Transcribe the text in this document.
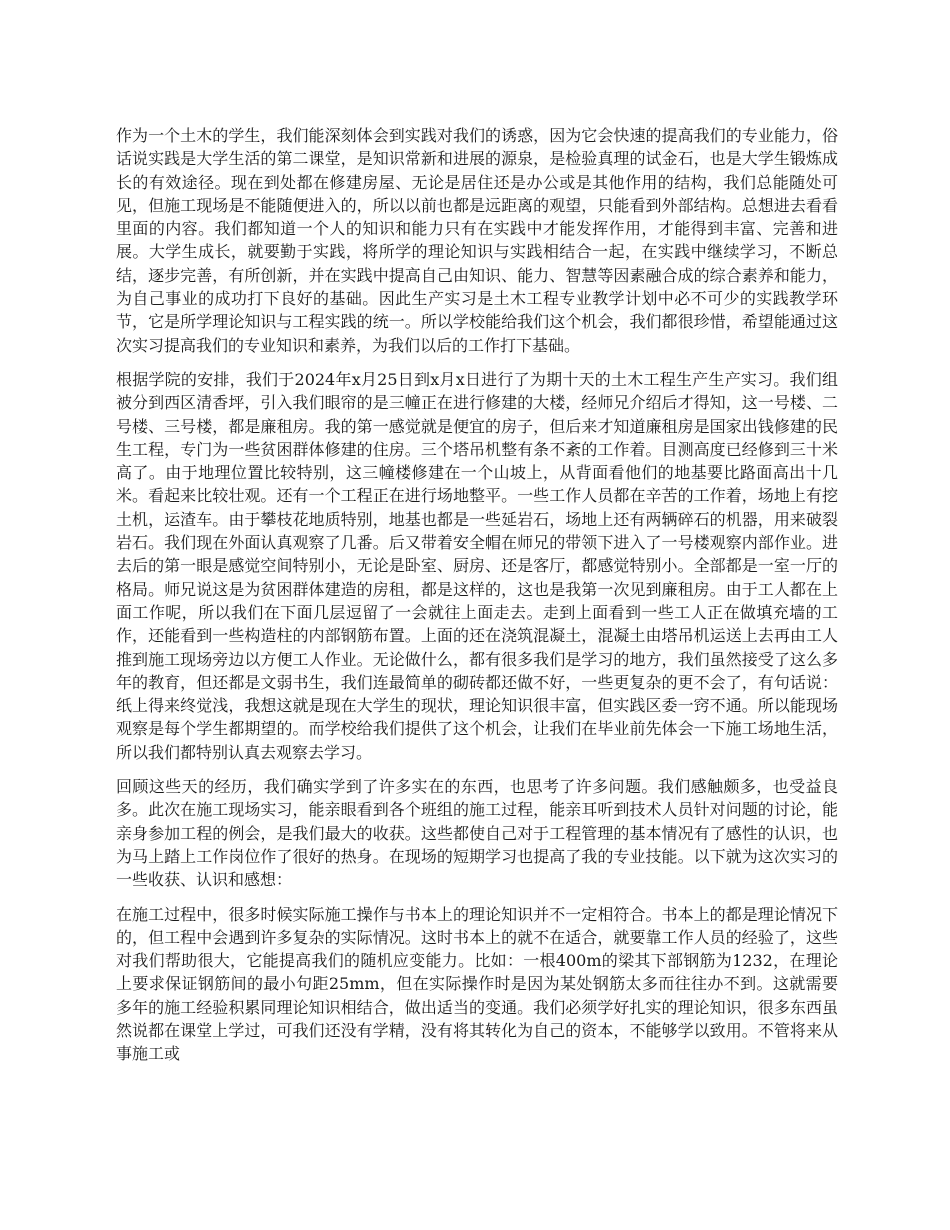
作为一个土木的学生，我们能深刻体会到实践对我们的诱惑，因为它会快速的提高我们的专业能力，俗话说实践是大学生活的第二课堂，是知识常新和进展的源泉，是检验真理的试金石，也是大学生锻炼成长的有效途径。现在到处都在修建房屋、无论是居住还是办公或是其他作用的结构，我们总能随处可见，但施工现场是不能随便进入的，所以以前也都是远距离的观望，只能看到外部结构。总想进去看看里面的内容。我们都知道一个人的知识和能力只有在实践中才能发挥作用，才能得到丰富、完善和进展。大学生成长，就要勤于实践，将所学的理论知识与实践相结合一起，在实践中继续学习，不断总结，逐步完善，有所创新，并在实践中提高自己由知识、能力、智慧等因素融合成的综合素养和能力，为自己事业的成功打下良好的基础。因此生产实习是土木工程专业教学计划中必不可少的实践教学环节，它是所学理论知识与工程实践的统一。所以学校能给我们这个机会，我们都很珍惜，希望能通过这次实习提高我们的专业知识和素养，为我们以后的工作打下基础。

根据学院的安排，我们于2024年x月25日到x月x日进行了为期十天的土木工程生产生产实习。我们组被分到西区清香坪，引入我们眼帘的是三幢正在进行修建的大楼，经师兄介绍后才得知，这一号楼、二号楼、三号楼，都是廉租房。我的第一感觉就是便宜的房子，但后来才知道廉租房是国家出钱修建的民生工程，专门为一些贫困群体修建的住房。三个塔吊机整有条不紊的工作着。目测高度已经修到三十米高了。由于地理位置比较特别，这三幢楼修建在一个山坡上，从背面看他们的地基要比路面高出十几米。看起来比较壮观。还有一个工程正在进行场地整平。一些工作人员都在辛苦的工作着，场地上有挖土机，运渣车。由于攀枝花地质特别，地基也都是一些延岩石，场地上还有两辆碎石的机器，用来破裂岩石。我们现在外面认真观察了几番。后又带着安全帽在师兄的带领下进入了一号楼观察内部作业。进去后的第一眼是感觉空间特别小，无论是卧室、厨房、还是客厅，都感觉特别小。全部都是一室一厅的格局。师兄说这是为贫困群体建造的房租，都是这样的，这也是我第一次见到廉租房。由于工人都在上面工作呢，所以我们在下面几层逗留了一会就往上面走去。走到上面看到一些工人正在做填充墙的工作，还能看到一些构造柱的内部钢筋布置。上面的还在浇筑混凝土，混凝土由塔吊机运送上去再由工人推到施工现场旁边以方便工人作业。无论做什么，都有很多我们是学习的地方，我们虽然接受了这么多年的教育，但还都是文弱书生，我们连最简单的砌砖都还做不好，一些更复杂的更不会了，有句话说：纸上得来终觉浅，我想这就是现在大学生的现状，理论知识很丰富，但实践区委一窍不通。所以能现场观察是每个学生都期望的。而学校给我们提供了这个机会，让我们在毕业前先体会一下施工场地生活，所以我们都特别认真去观察去学习。

回顾这些天的经历，我们确实学到了许多实在的东西，也思考了许多问题。我们感触颇多，也受益良多。此次在施工现场实习，能亲眼看到各个班组的施工过程，能亲耳听到技术人员针对问题的讨论，能亲身参加工程的例会，是我们最大的收获。这些都使自己对于工程管理的基本情况有了感性的认识，也为马上踏上工作岗位作了很好的热身。在现场的短期学习也提高了我的专业技能。以下就为这次实习的一些收获、认识和感想：

在施工过程中，很多时候实际施工操作与书本上的理论知识并不一定相符合。书本上的都是理论情况下的，但工程中会遇到许多复杂的实际情况。这时书本上的就不在适合，就要靠工作人员的经验了，这些对我们帮助很大，它能提高我们的随机应变能力。比如：一根400m的梁其下部钢筋为1232，在理论上要求保证钢筋间的最小句距25mm，但在实际操作时是因为某处钢筋太多而往往办不到。这就需要多年的施工经验积累同理论知识相结合，做出适当的变通。我们必须学好扎实的理论知识，很多东西虽然说都在课堂上学过，可我们还没有学精，没有将其转化为自己的资本，不能够学以致用。不管将来从事施工或
